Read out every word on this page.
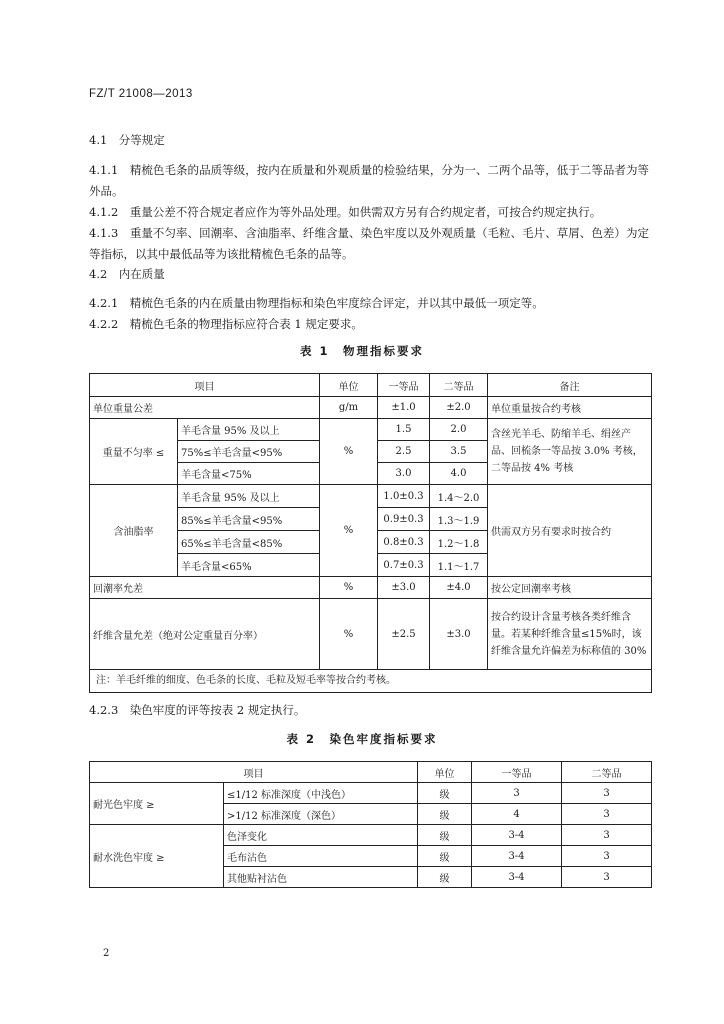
FZ/T 21008—2013

4.1　分等规定

4.1.1　 精梳色毛条的品质等级，按内在质量和外观质量的检验结果，分为一、二两个品等，低于二等品者为等外品。

4.1.2　 重量公差不符合规定者应作为等外品处理。如供需双方另有合约规定者，可按合约规定执行。

4.1.3　 重量不匀率、回潮率、含油脂率、纤维含量、染色牢度以及外观质量（毛粒、毛片、草屑、色差）为定等指标，以其中最低品等为该批精梳色毛条的品等。

4.2　内在质量

4.2.1　 精梳色毛条的内在质量由物理指标和染色牢度综合评定，并以其中最低一项定等。

4.2.2　 精梳色毛条的物理指标应符合表 1 规定要求。

表 1　物理指标要求
项目		单位	一等品	二等品	备注
单位重量公差		g/m	±1.0	±2.0	单位重量按合约考核
重量不匀率 ≤	羊毛含量 95% 及以上	%	1.5	2.0	含丝光羊毛、防缩羊毛、绢丝产品、回梳条一等品按 3.0% 考核，二等品按 4% 考核
	75%≤羊毛含量<95%		2.5	3.5	
	羊毛含量<75%		3.0	4.0	
含油脂率	羊毛含量 95% 及以上	%	1.0±0.3	1.4～2.0	供需双方另有要求时按合约
	85%≤羊毛含量<95%		0.9±0.3	1.3～1.9	
	65%≤羊毛含量<85%		0.8±0.3	1.2～1.8	
	羊毛含量<65%		0.7±0.3	1.1～1.7	
回潮率允差		%	±3.0	±4.0	按公定回潮率考核
纤维含量允差（绝对公定重量百分率）		%	±2.5	±3.0	按合约设计含量考核各类纤维含量。若某种纤维含量≤15%时，该纤维含量允许偏差为标称值的 30%
注：羊毛纤维的细度、色毛条的长度、毛粒及短毛率等按合约考核。					

4.2.3　 染色牢度的评等按表 2 规定执行。

表 2　染色牢度指标要求
项目		单位	一等品	二等品
耐光色牢度 ≥	≤1/12 标准深度（中浅色）	级	3	3
	>1/12 标准深度（深色）	级	4	3
耐水洗色牢度 ≥	色泽变化	级	3-4	3
	毛布沾色	级	3-4	3
	其他贴衬沾色	级	3-4	3
2
